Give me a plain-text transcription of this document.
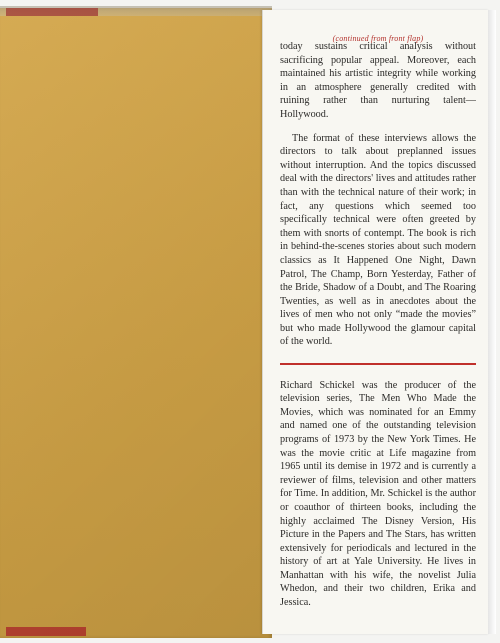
(continued from front flap)

today sustains critical analysis without sacrificing popular appeal. Moreover, each maintained his artistic integrity while working in an atmosphere generally credited with ruining rather than nurturing talent—Hollywood.

The format of these interviews allows the directors to talk about preplanned issues without interruption. And the topics discussed deal with the directors' lives and attitudes rather than with the technical nature of their work; in fact, any questions which seemed too specifically technical were often greeted by them with snorts of contempt. The book is rich in behind-the-scenes stories about such modern classics as It Happened One Night, Dawn Patrol, The Champ, Born Yesterday, Father of the Bride, Shadow of a Doubt, and The Roaring Twenties, as well as in anecdotes about the lives of men who not only “made the movies” but who made Hollywood the glamour capital of the world.

Richard Schickel was the producer of the television series, The Men Who Made the Movies, which was nominated for an Emmy and named one of the outstanding television programs of 1973 by the New York Times. He was the movie critic at Life magazine from 1965 until its demise in 1972 and is currently a reviewer of films, television and other matters for Time. In addition, Mr. Schickel is the author or coauthor of thirteen books, including the highly acclaimed The Disney Version, His Picture in the Papers and The Stars, has written extensively for periodicals and lectured in the history of art at Yale University. He lives in Manhattan with his wife, the novelist Julia Whedon, and their two children, Erika and Jessica.
